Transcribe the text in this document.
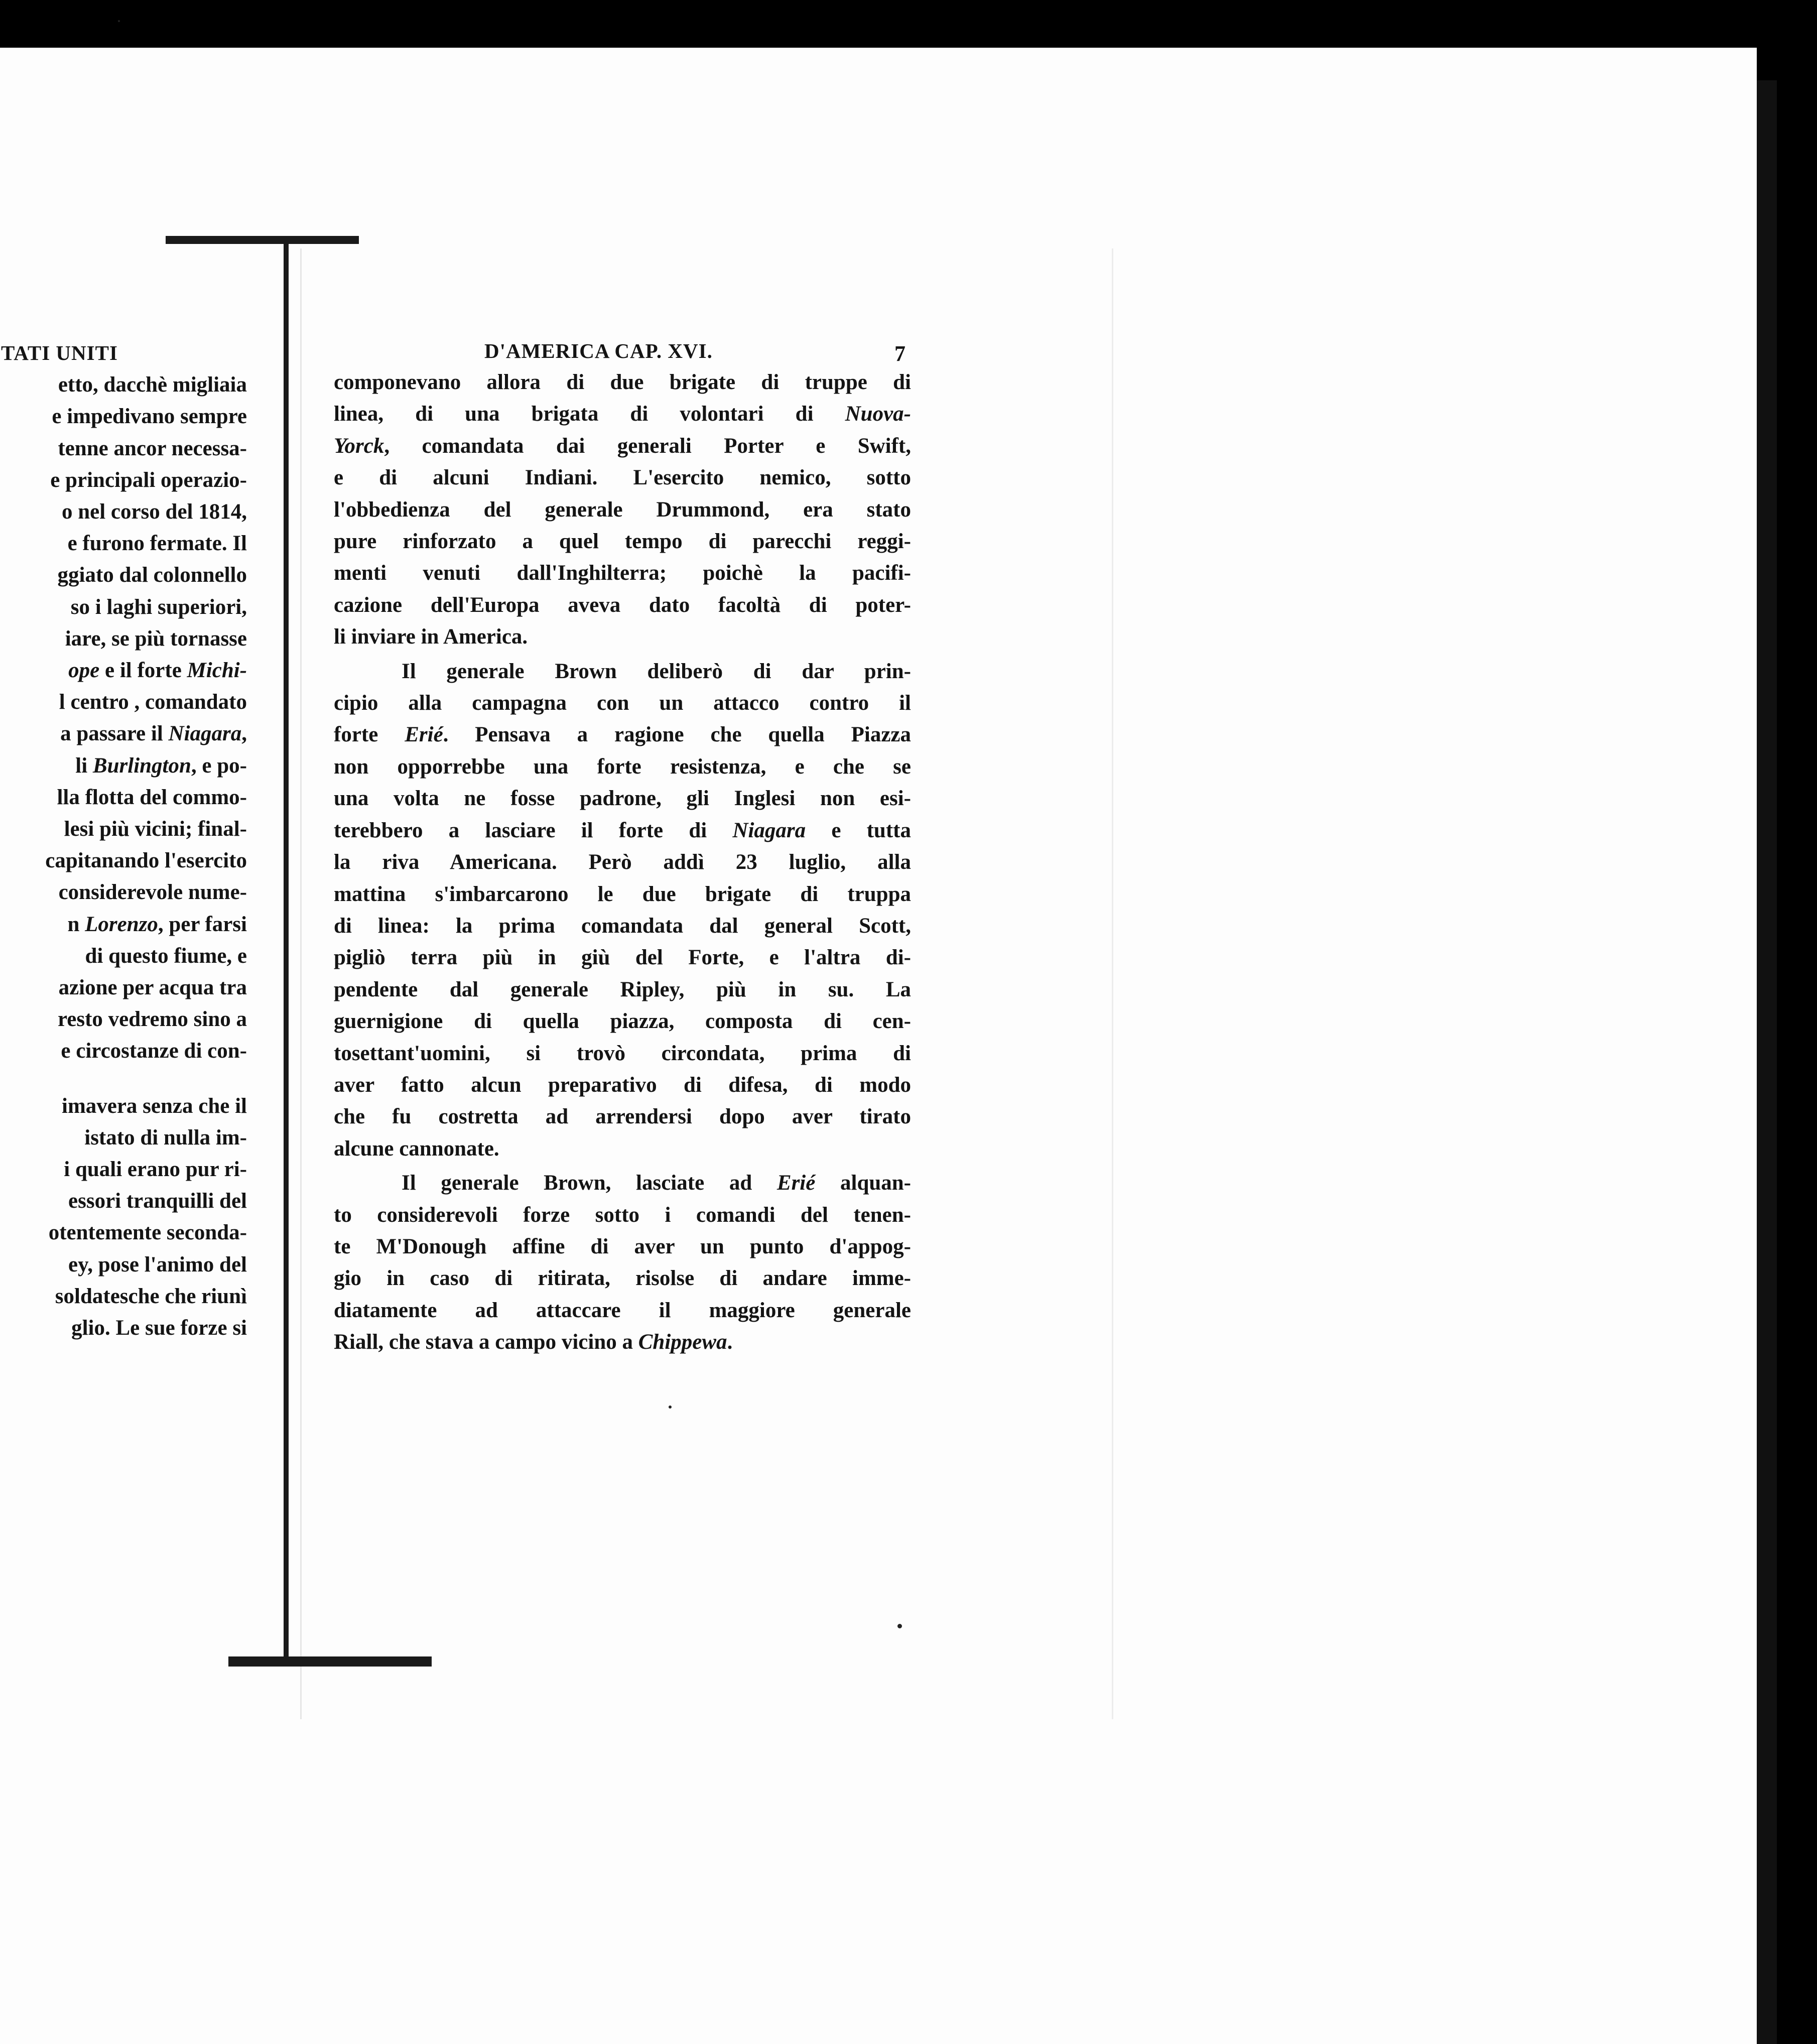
TATI UNITI
etto, dacchè migliaia
e impedivano sempre
tenne ancor necessa-
e principali operazio-
o nel corso del 1814,
e furono fermate. Il
ggiato dal colonnello
so i laghi superiori,
iare, se più tornasse
ope e il forte Michi-
l centro , comandato
a passare il Niagara,
li Burlington, e po-
lla flotta del commo-
lesi più vicini; final-
capitanando l'esercito
considerevole nume-
n Lorenzo, per farsi
di questo fiume, e
azione per acqua tra
resto vedremo sino a
e circostanze di con-
imavera senza che il
istato di nulla im-
i quali erano pur ri-
essori tranquilli del
otentemente seconda-
ey, pose l'animo del
soldatesche che riunì
glio. Le sue forze si
D'AMERICA CAP. XVI.	7
componevano allora di due brigate di truppe di
linea, di una brigata di volontari di Nuova-
Yorck, comandata dai generali Porter e Swift,
e di alcuni Indiani. L'esercito nemico, sotto
l'obbedienza del generale Drummond, era stato
pure rinforzato a quel tempo di parecchi reggi-
menti venuti dall'Inghilterra; poichè la pacifi-
cazione dell'Europa aveva dato facoltà di poter-
li inviare in America.
Il generale Brown deliberò di dar prin-
cipio alla campagna con un attacco contro il
forte Erié. Pensava a ragione che quella Piazza
non opporrebbe una forte resistenza, e che se
una volta ne fosse padrone, gli Inglesi non esi-
terebbero a lasciare il forte di Niagara e tutta
la riva Americana. Però addì 23 luglio, alla
mattina s'imbarcarono le due brigate di truppa
di linea: la prima comandata dal general Scott,
pigliò terra più in giù del Forte, e l'altra di-
pendente dal generale Ripley, più in su. La
guernigione di quella piazza, composta di cen-
tosettant'uomini, si trovò circondata, prima di
aver fatto alcun preparativo di difesa, di modo
che fu costretta ad arrendersi dopo aver tirato
alcune cannonate.
Il generale Brown, lasciate ad Erié alquan-
to considerevoli forze sotto i comandi del tenen-
te M'Donough affine di aver un punto d'appog-
gio in caso di ritirata, risolse di andare imme-
diatamente ad attaccare il maggiore generale
Riall, che stava a campo vicino a Chippewa.
